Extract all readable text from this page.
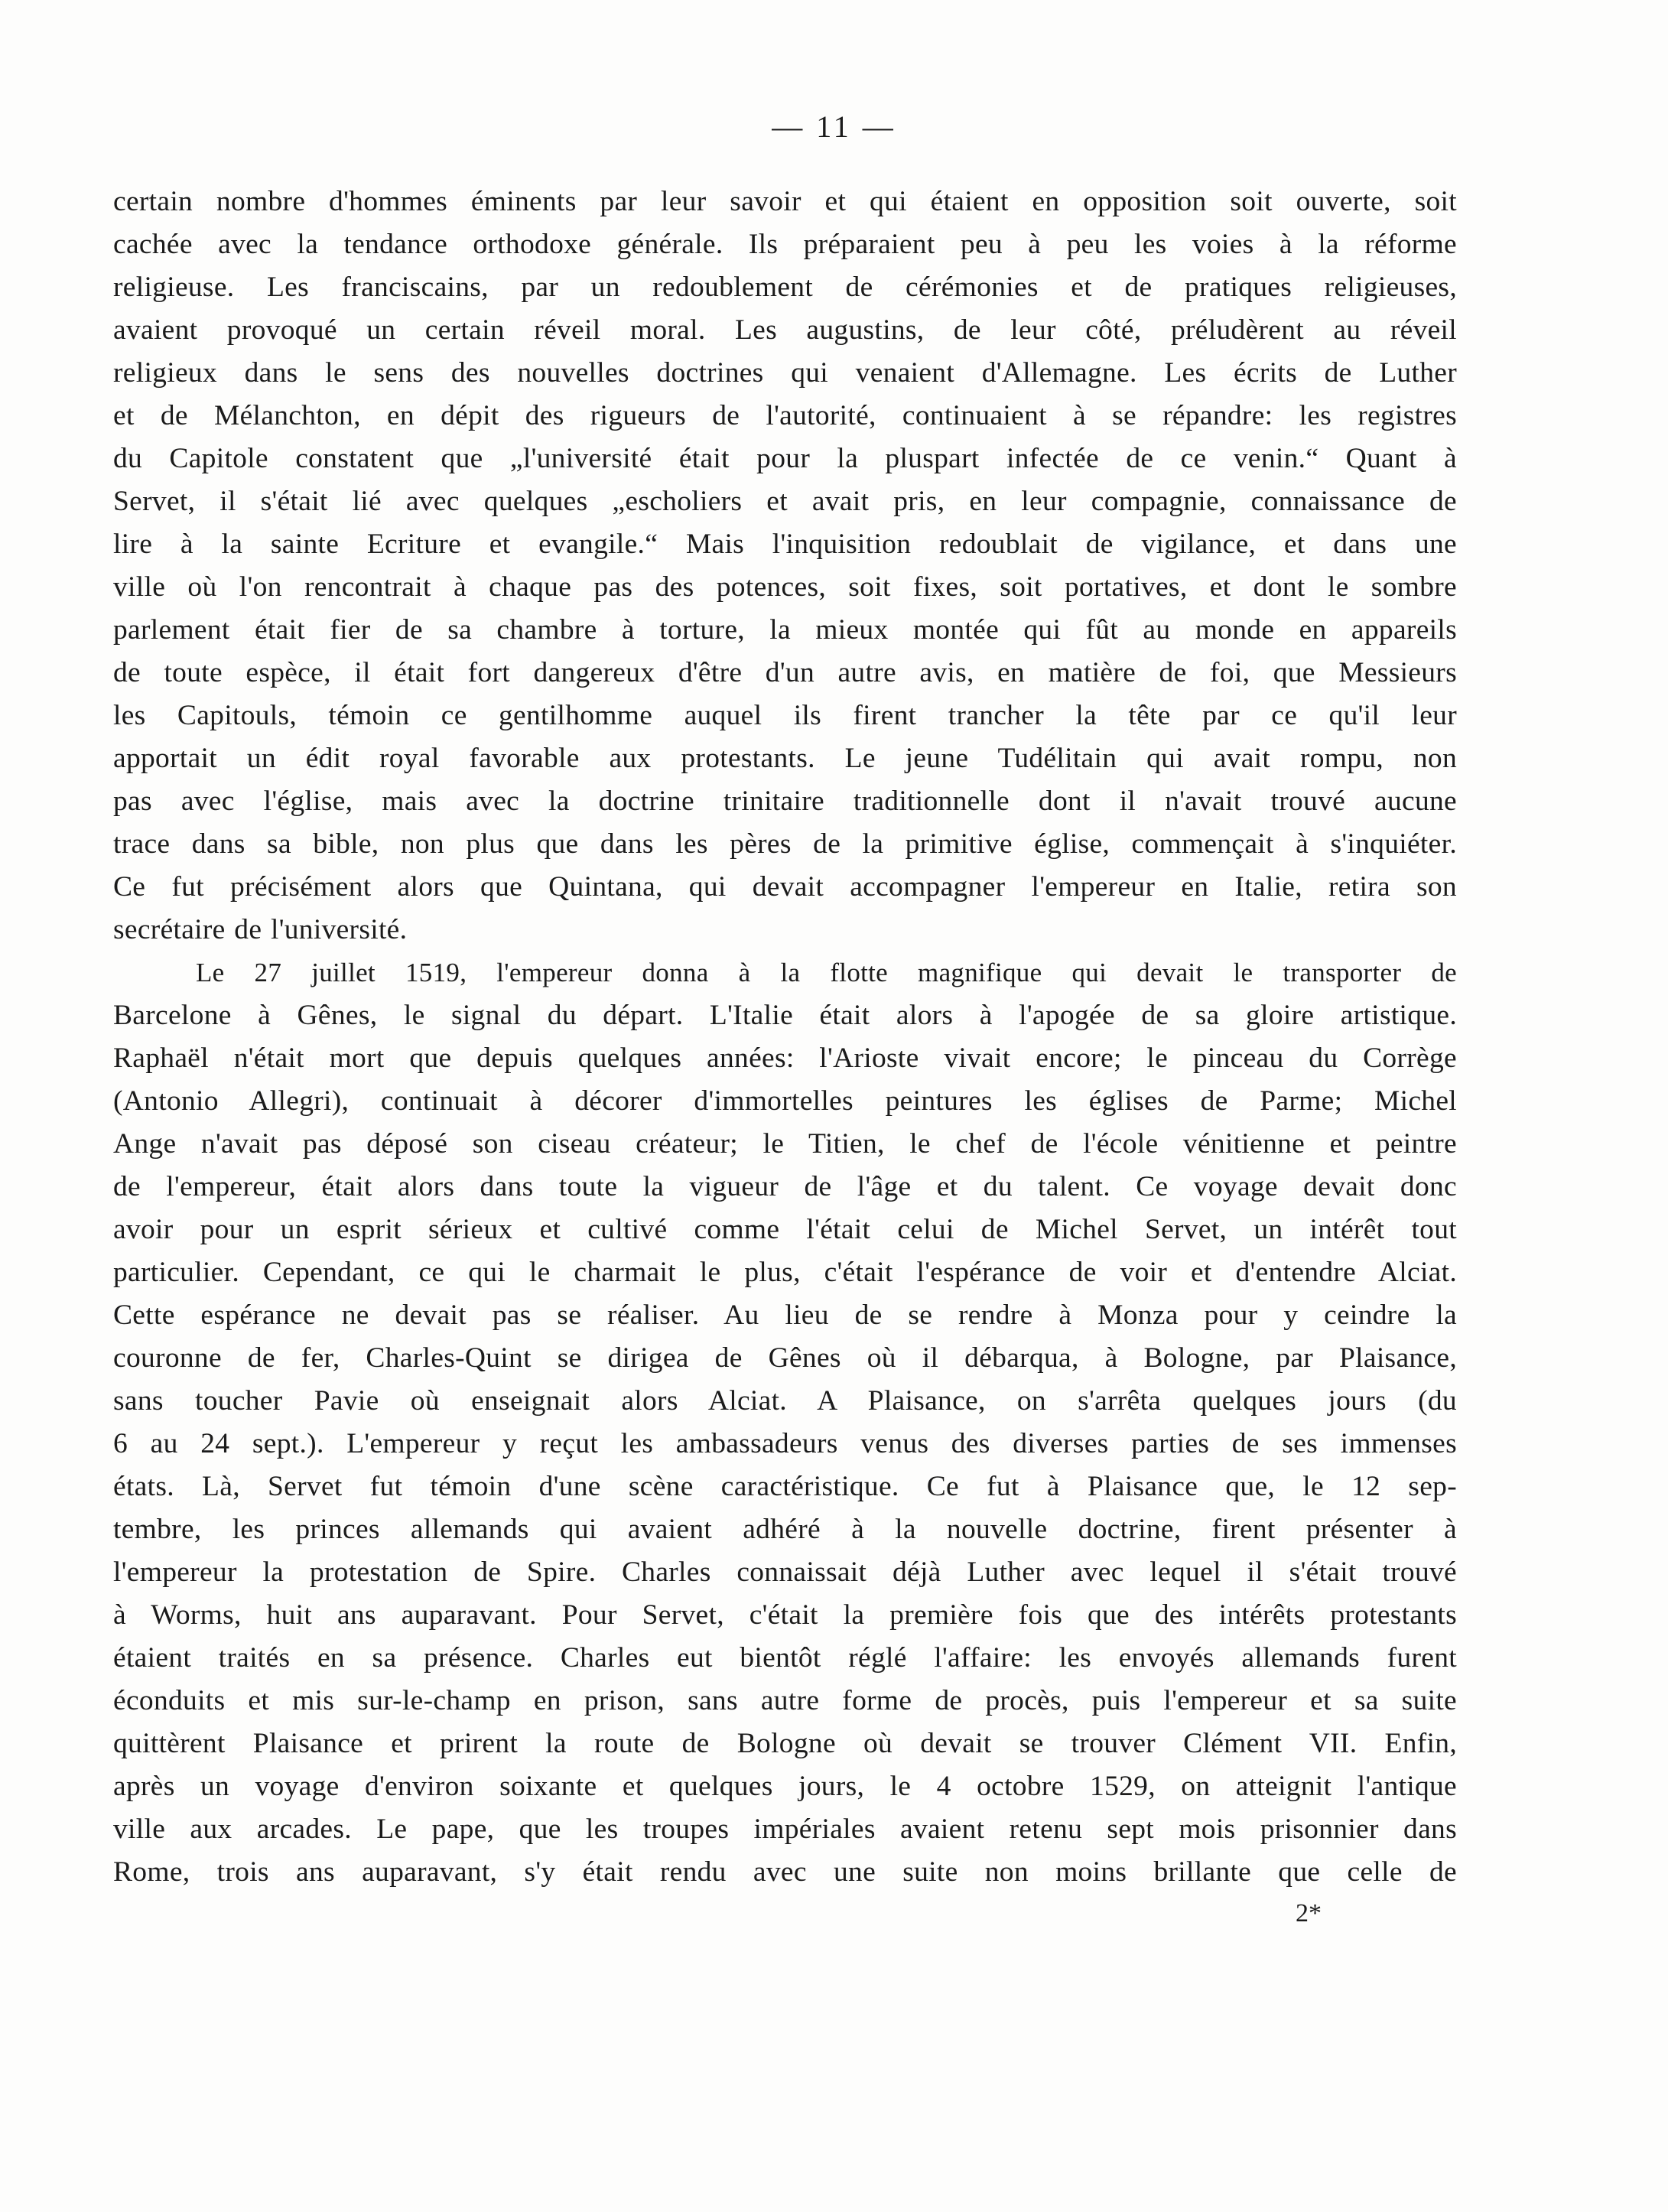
— 11 —
certain nombre d'hommes éminents par leur savoir et qui étaient en opposition soit ouverte, soit
cachée avec la tendance orthodoxe générale. Ils préparaient peu à peu les voies à la réforme
religieuse. Les franciscains, par un redoublement de cérémonies et de pratiques religieuses,
avaient provoqué un certain réveil moral. Les augustins, de leur côté, préludèrent au réveil
religieux dans le sens des nouvelles doctrines qui venaient d'Allemagne. Les écrits de Luther
et de Mélanchton, en dépit des rigueurs de l'autorité, continuaient à se répandre: les registres
du Capitole constatent que „l'université était pour la pluspart infectée de ce venin.“ Quant à
Servet, il s'était lié avec quelques „escholiers et avait pris, en leur compagnie, connaissance de
lire à la sainte Ecriture et evangile.“ Mais l'inquisition redoublait de vigilance, et dans une
ville où l'on rencontrait à chaque pas des potences, soit fixes, soit portatives, et dont le sombre
parlement était fier de sa chambre à torture, la mieux montée qui fût au monde en appareils
de toute espèce, il était fort dangereux d'être d'un autre avis, en matière de foi, que Messieurs
les Capitouls, témoin ce gentilhomme auquel ils firent trancher la tête par ce qu'il leur
apportait un édit royal favorable aux protestants. Le jeune Tudélitain qui avait rompu, non
pas avec l'église, mais avec la doctrine trinitaire traditionnelle dont il n'avait trouvé aucune
trace dans sa bible, non plus que dans les pères de la primitive église, commençait à s'inquiéter.
Ce fut précisément alors que Quintana, qui devait accompagner l'empereur en Italie, retira son
secrétaire de l'université.
Le 27 juillet 1519, l'empereur donna à la flotte magnifique qui devait le transporter de
Barcelone à Gênes, le signal du départ. L'Italie était alors à l'apogée de sa gloire artistique.
Raphaël n'était mort que depuis quelques années: l'Arioste vivait encore; le pinceau du Corrège
(Antonio Allegri), continuait à décorer d'immortelles peintures les églises de Parme; Michel
Ange n'avait pas déposé son ciseau créateur; le Titien, le chef de l'école vénitienne et peintre
de l'empereur, était alors dans toute la vigueur de l'âge et du talent. Ce voyage devait donc
avoir pour un esprit sérieux et cultivé comme l'était celui de Michel Servet, un intérêt tout
particulier. Cependant, ce qui le charmait le plus, c'était l'espérance de voir et d'entendre Alciat.
Cette espérance ne devait pas se réaliser. Au lieu de se rendre à Monza pour y ceindre la
couronne de fer, Charles-Quint se dirigea de Gênes où il débarqua, à Bologne, par Plaisance,
sans toucher Pavie où enseignait alors Alciat. A Plaisance, on s'arrêta quelques jours (du
6 au 24 sept.). L'empereur y reçut les ambassadeurs venus des diverses parties de ses immenses
états. Là, Servet fut témoin d'une scène caractéristique. Ce fut à Plaisance que, le 12 sep-
tembre, les princes allemands qui avaient adhéré à la nouvelle doctrine, firent présenter à
l'empereur la protestation de Spire. Charles connaissait déjà Luther avec lequel il s'était trouvé
à Worms, huit ans auparavant. Pour Servet, c'était la première fois que des intérêts protestants
étaient traités en sa présence. Charles eut bientôt réglé l'affaire: les envoyés allemands furent
éconduits et mis sur-le-champ en prison, sans autre forme de procès, puis l'empereur et sa suite
quittèrent Plaisance et prirent la route de Bologne où devait se trouver Clément VII. Enfin,
après un voyage d'environ soixante et quelques jours, le 4 octobre 1529, on atteignit l'antique
ville aux arcades. Le pape, que les troupes impériales avaient retenu sept mois prisonnier dans
Rome, trois ans auparavant, s'y était rendu avec une suite non moins brillante que celle de
2*
